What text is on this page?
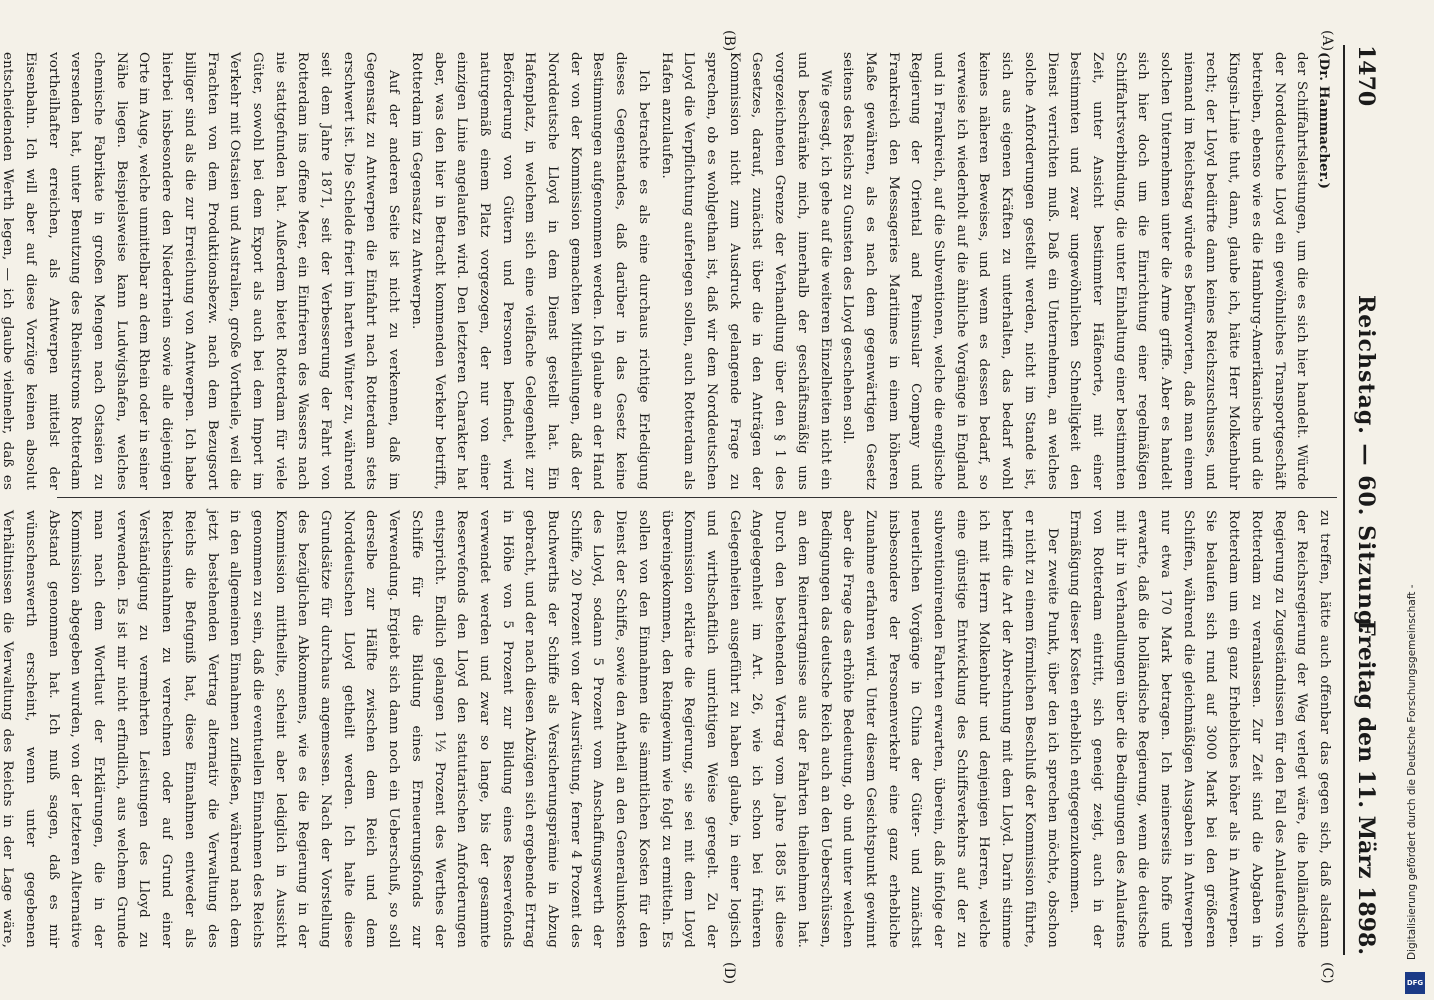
1470
Reichstag. — 60. Sitzung.
Freitag den 11. März 1898.
(A)
(B)
(C)
(D)
(Dr. Hammacher.)

der Schiffahrtsleistungen, um die es sich hier handelt. Würde der Norddeutsche Lloyd ein gewöhnliches Transportgeschäft betreiben, ebenso wie es die Hamburg-Amerikanische und die Kingsin-Linie thut, dann, glaube ich, hätte Herr Molkenbuhr recht; der Lloyd bedürfte dann keines Reichszuschusses, und niemand im Reichstag würde es befürworten, daß man einem solchen Unternehmen unter die Arme griffe. Aber es handelt sich hier doch um die Einrichtung einer regelmäßigen Schiffahrtsverbindung, die unter Einhaltung einer bestimmten Zeit, unter Ansicht bestimmter Häfenorte, mit einer bestimmten und zwar ungewöhnlichen Schnelligkeit den Dienst verrichten muß. Daß ein Unternehmen, an welches solche Anforderungen gestellt werden, nicht im Stande ist, sich aus eigenen Kräften zu unterhalten, das bedarf wohl keines näheren Beweises, und wenn es dessen bedarf, so verweise ich wiederholt auf die ähnliche Vorgänge in England und in Frankreich, auf die Subventionen, welche die englische Regierung der Oriental and Peninsular Company und Frankreich den Messageries Maritimes in einem höheren Maße gewähren, als es nach dem gegenwärtigen Gesetz seitens des Reichs zu Gunsten des Lloyd geschehen soll.

Wie gesagt, ich gehe auf die weiteren Einzelheiten nicht ein und beschränke mich, innerhalb der geschäftsmäßig uns vorgezeichneten Grenze der Verhandlung über den § 1 des Gesetzes, darauf, zunächst über die in den Anträgen der Kommission nicht zum Ausdruck gelangende Frage zu sprechen, ob es wohlgethan ist, daß wir dem Norddeutschen Lloyd die Verpflichtung auferlegen sollen, auch Rotterdam als Hafen anzulaufen.

Ich betrachte es als eine durchaus richtige Erledigung dieses Gegenstandes, daß darüber in das Gesetz keine Bestimmungen aufgenommen werden. Ich glaube an der Hand der von der Kommission gemachten Mittheilungen, daß der Norddeutsche Lloyd in dem Dienst gestellt hat. Ein Hafenplatz, in welchem sich eine vielfache Gelegenheit zur Beförderung von Gütern und Personen befindet, wird naturgemäß einem Platz vorgezogen, der nur von einer einzigen Linie angelaufen wird. Den letzteren Charakter hat aber, was den hier in Betracht kommenden Verkehr betrifft, Rotterdam im Gegensatz zu Antwerpen.

Auf der anderen Seite ist nicht zu verkennen, daß im Gegensatz zu Antwerpen die Einfahrt nach Rotterdam stets erschwert ist. Die Schelde friert im harten Winter zu, während seit dem Jahre 1871, seit der Verbesserung der Fahrt von Rotterdam ins offene Meer, ein Einfrieren des Wassers nach nie stattgefunden hat. Außerdem bietet Rotterdam für viele Güter, sowohl bei dem Export als auch bei dem Import im Verkehr mit Ostasien und Australien, große Vortheile, weil die Frachten von dem Produktionsbezw. nach dem Bezugsort billiger sind als die zur Erreichung von Antwerpen. Ich habe hierbei insbesondere den Niederrhein sowie alle diejenigen Orte im Auge, welche unmittelbar an dem Rhein oder in seiner Nähe liegen. Beispielsweise kann Ludwigshafen, welches chemische Fabrikate in großen Mengen nach Ostasien zu versenden hat, unter Benutzung des Rheinstroms Rotterdam vortheilhafter erreichen, als Antwerpen mittelst der Eisenbahn. Ich will aber auf diese Vorzüge keinen absolut entscheidenden Werth legen, — ich glaube vielmehr, daß es

zu treffen, hätte auch offenbar das gegen sich, daß alsdann der Reichsregierung der Weg verlegt wäre, die holländische Regierung zu Zugeständnissen für den Fall des Anlaufens von Rotterdam zu veranlassen. Zur Zeit sind die Abgaben in Rotterdam um ein ganz Erhebliches höher als in Antwerpen. Sie belaufen sich rund auf 3000 Mark bei den größeren Schiffen, während die gleichmäßigen Ausgaben in Antwerpen nur etwa 170 Mark betragen. Ich meinerseits hoffe und erwarte, daß die holländische Regierung, wenn die deutsche mit ihr in Verhandlungen über die Bedingungen des Anlaufens von Rotterdam eintritt, sich geneigt zeigt, auch in der Ermäßigung dieser Kosten erheblich entgegenzukommen.

Der zweite Punkt, über den ich sprechen möchte, obschon er nicht zu einem förmlichen Beschluß der Kommission führte, betrifft die Art der Abrechnung mit dem Lloyd. Darin stimme ich mit Herrn Molkenbuhr und denjenigen Herren, welche eine günstige Entwicklung des Schiffsverkehrs auf der zu subventionirenden Fahrten erwarten, überein, daß infolge der neuerlichen Vorgänge in China der Güter- und zunächst insbesondere der Personenverkehr eine ganz erhebliche Zunahme erfahren wird. Unter diesem Gesichtspunkt gewinnt aber die Frage das erhöhte Bedeutung, ob und unter welchen Bedingungen das deutsche Reich auch an den Ueberschüssen, an dem Reinertragnisse aus der Fahrten theilnehmen hat. Durch den bestehenden Vertrag vom Jahre 1885 ist diese Angelegenheit im Art. 26, wie ich schon bei früheren Gelegenheiten ausgeführt zu haben glaube, in einer logisch und wirthschaftlich unrichtigen Weise geregelt. Zu der Kommission erklärte die Regierung, sie sei mit dem Lloyd übereingekommen, den Reingewinn wie folgt zu ermitteln. Es sollen von den Einnahmen die sämmtlichen Kosten für den Dienst der Schiffe, sowie den Antheil an den Generalunkosten des Lloyd, sodann 5 Prozent vom Anschaffungswerth der Schiffe, 20 Prozent von der Ausrüstung, ferner 4 Prozent des Buchwerths der Schiffe als Versicherungsprämie in Abzug gebracht, und der nach diesen Abzügen sich ergebende Ertrag in Höhe von 5 Prozent zur Bildung eines Reservefonds verwendet werden und zwar so lange, bis der gesammte Reservefonds den Lloyd den statutarischen Anforderungen entspricht. Endlich gelangen 1½ Prozent des Werthes der Schiffe für die Bildung eines Erneuerungsfonds zur Verwendung. Ergiebt sich dann noch ein Ueberschuß, so soll derselbe zur Hälfte zwischen dem Reich und dem Norddeutschen Lloyd getheilt werden. Ich halte diese Grundsätze für durchaus angemessen. Nach der Vorstellung des bezüglichen Abkommens, wie es die Regierung in der Kommission mittheilte, scheint aber lediglich in Aussicht genommen zu sein, daß die eventuellen Einnahmen des Reichs in den allgemeinen Einnahmen zufließen, während nach dem jetzt bestehenden Vertrag alternativ die Verwaltung des Reichs die Befugniß hat, diese Einnahmen entweder als Reichseinnahmen zu verrechnen oder auf Grund einer Verständigung zu vermehrten Leistungen des Lloyd zu verwenden. Es ist mir nicht erfindlich, aus welchem Grunde man nach dem Wortlaut der Erklärungen, die in der Kommission abgegeben wurden, von der letzteren Alternative Abstand genommen hat. Ich muß sagen, daß es mir wünschenswerth erscheint, wenn unter gegebenen Verhältnissen die Verwaltung des Reichs in der Lage wäre,	Digitalisierung gefördert durch die Deutsche Forschungsgemeinschaft -
DFG
